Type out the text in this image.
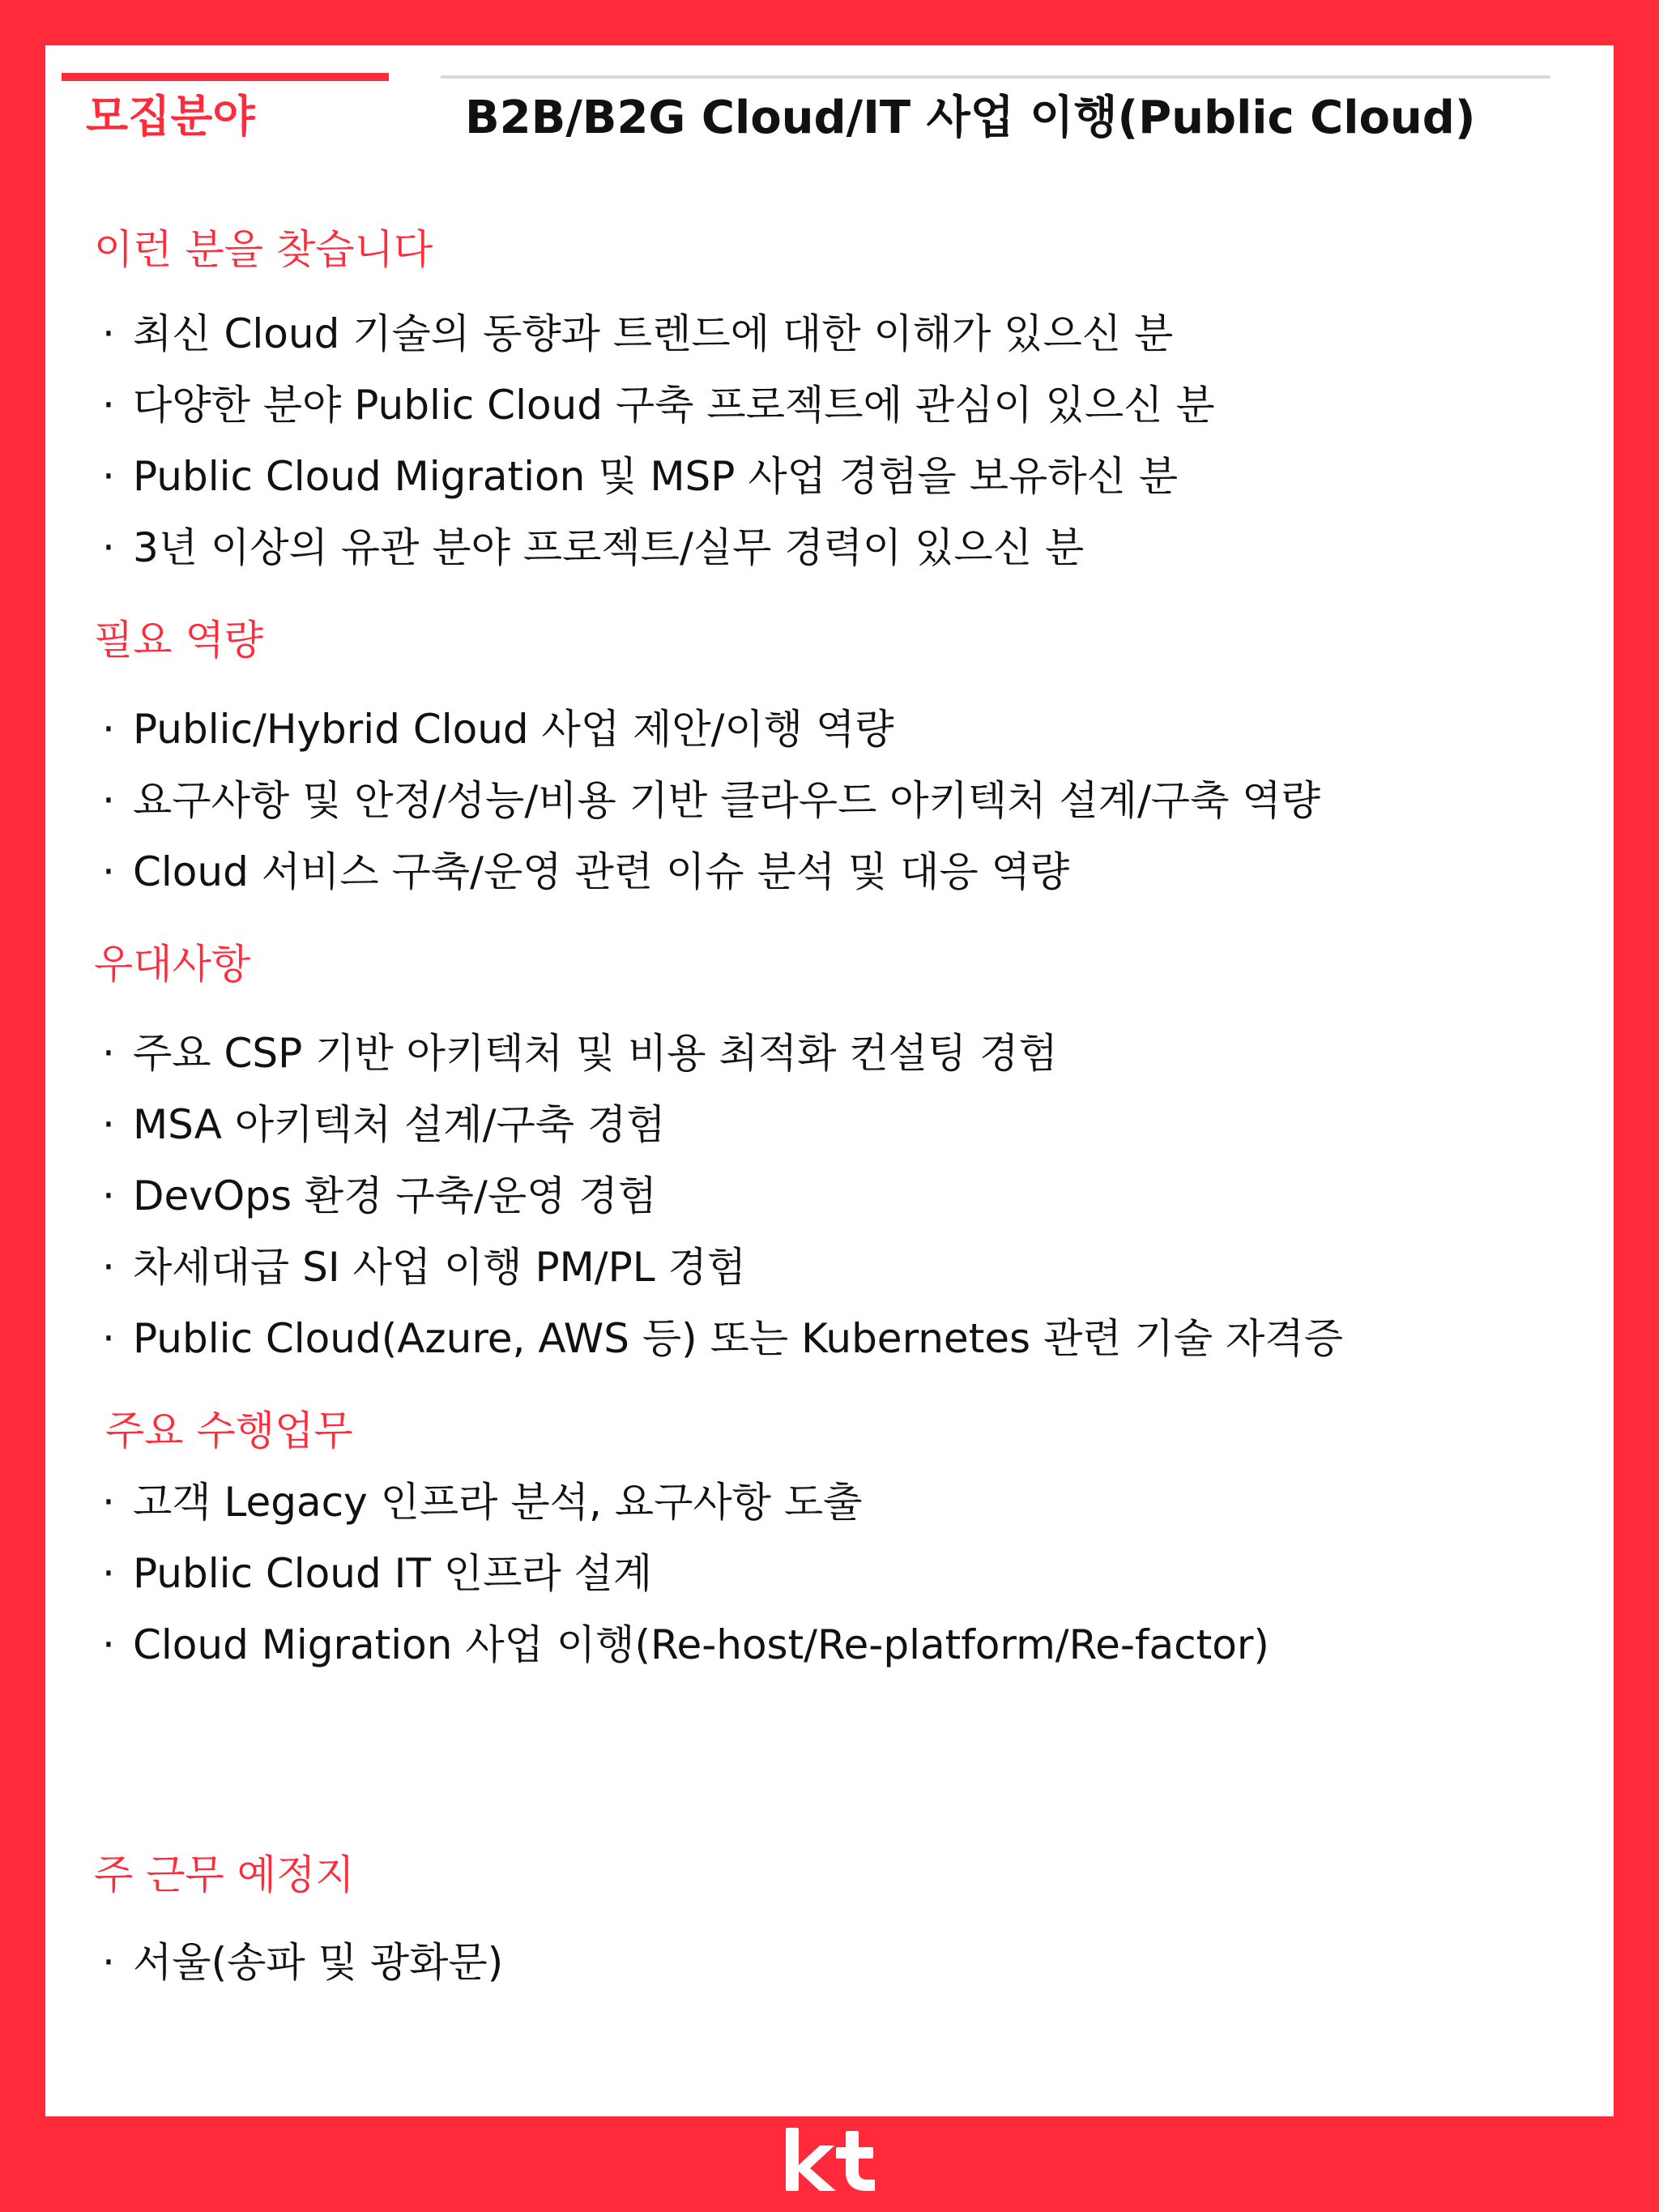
모집분야	B2B/B2G Cloud/IT 사업 이행(Public Cloud)
이런 분을 찾습니다
· 최신 Cloud 기술의 동향과 트렌드에 대한 이해가 있으신 분
· 다양한 분야 Public Cloud 구축 프로젝트에 관심이 있으신 분
· Public Cloud Migration 및 MSP 사업 경험을 보유하신 분
· 3년 이상의 유관 분야 프로젝트/실무 경력이 있으신 분
필요 역량
· Public/Hybrid Cloud 사업 제안/이행 역량
· 요구사항 및 안정/성능/비용 기반 클라우드 아키텍처 설계/구축 역량
· Cloud 서비스 구축/운영 관련 이슈 분석 및 대응 역량
우대사항
· 주요 CSP 기반 아키텍처 및 비용 최적화 컨설팅 경험
· MSA 아키텍처 설계/구축 경험
· DevOps 환경 구축/운영 경험
· 차세대급 SI 사업 이행 PM/PL 경험
· Public Cloud(Azure, AWS 등) 또는 Kubernetes 관련 기술 자격증
주요 수행업무
· 고객 Legacy 인프라 분석, 요구사항 도출
· Public Cloud IT 인프라 설계
· Cloud Migration 사업 이행(Re-host/Re-platform/Re-factor)
주 근무 예정지
· 서울(송파 및 광화문)
